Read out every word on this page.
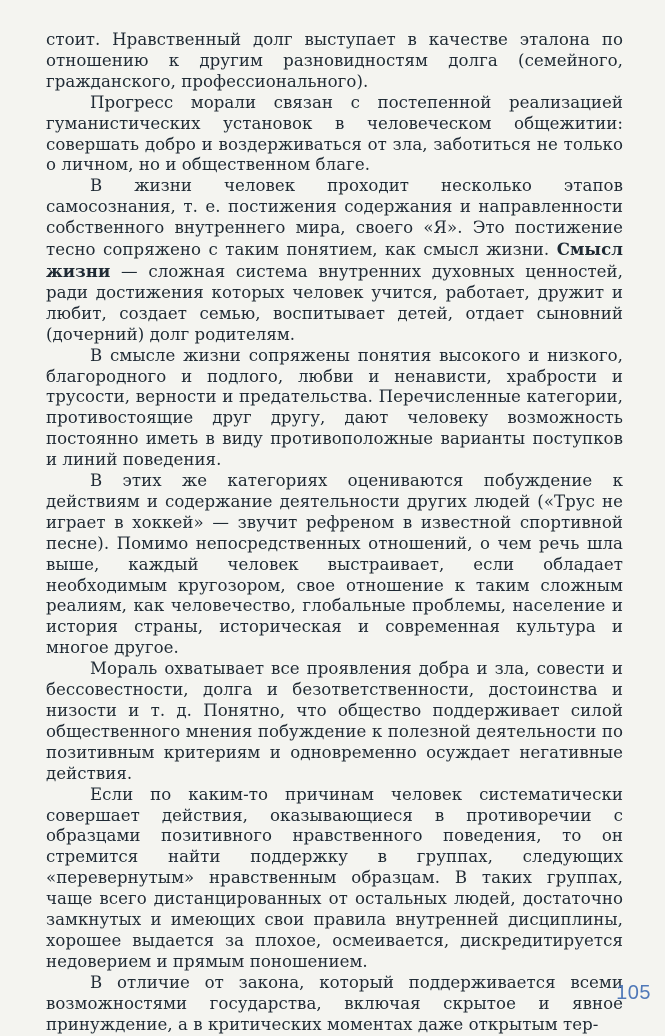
стоит. Нравственный долг выступает в качестве эталона по отношению к другим разновидностям долга (семейного, гражданского, профессионального).

Прогресс морали связан с постепенной реализацией гуманистических установок в человеческом общежитии: совершать добро и воздерживаться от зла, заботиться не только о личном, но и общественном благе.

В жизни человек проходит несколько этапов самосознания, т. е. постижения содержания и направленности собственного внутреннего мира, своего «Я». Это постижение тесно сопряжено с таким понятием, как смысл жизни. Смысл жизни — сложная система внутренних духовных ценностей, ради достижения которых человек учится, работает, дружит и любит, создает семью, воспитывает детей, отдает сыновний (дочерний) долг родителям.

В смысле жизни сопряжены понятия высокого и низкого, благородного и подлого, любви и ненависти, храбрости и трусости, верности и предательства. Перечисленные категории, противостоящие друг другу, дают человеку возможность постоянно иметь в виду противоположные варианты поступков и линий поведения.

В этих же категориях оцениваются побуждение к действиям и содержание деятельности других людей («Трус не играет в хоккей» — звучит рефреном в известной спортивной песне). Помимо непосредственных отношений, о чем речь шла выше, каждый человек выстраивает, если обладает необходимым кругозором, свое отношение к таким сложным реалиям, как человечество, глобальные проблемы, население и история страны, историческая и современная культура и многое другое.

Мораль охватывает все проявления добра и зла, совести и бессовестности, долга и безответственности, достоинства и низости и т. д. Понятно, что общество поддерживает силой общественного мнения побуждение к полезной деятельности по позитивным критериям и одновременно осуждает негативные действия.

Если по каким-то причинам человек систематически совершает действия, оказывающиеся в противоречии с образцами позитивного нравственного поведения, то он стремится найти поддержку в группах, следующих «перевернутым» нравственным образцам. В таких группах, чаще всего дистанцированных от остальных людей, достаточно замкнутых и имеющих свои правила внутренней дисциплины, хорошее выдается за плохое, осмеивается, дискредитируется недоверием и прямым поношением.

В отличие от закона, который поддерживается всеми возможностями государства, включая скрытое и явное принуждение, а в критических моментах даже открытым тер-

105
